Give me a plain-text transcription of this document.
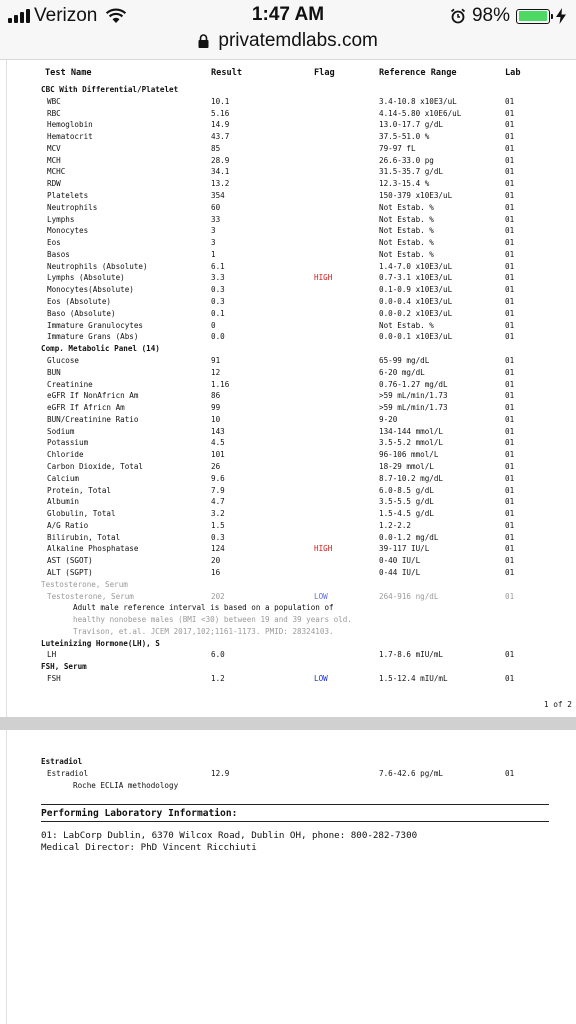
Verizon	1:47 AM	98%
privatemdlabs.com
Test Name	Result	Flag	Reference Range	Lab
CBC With Differential/Platelet
WBC	10.1	3.4-10.8 x10E3/uL	01
RBC	5.16	4.14-5.80 x10E6/uL	01
Hemoglobin	14.9	13.0-17.7 g/dL	01
Hematocrit	43.7	37.5-51.0 %	01
MCV	85	79-97 fL	01
MCH	28.9	26.6-33.0 pg	01
MCHC	34.1	31.5-35.7 g/dL	01
RDW	13.2	12.3-15.4 %	01
Platelets	354	150-379 x10E3/uL	01
Neutrophils	60	Not Estab. %	01
Lymphs	33	Not Estab. %	01
Monocytes	3	Not Estab. %	01
Eos	3	Not Estab. %	01
Basos	1	Not Estab. %	01
Neutrophils (Absolute)	6.1	1.4-7.0 x10E3/uL	01
Lymphs (Absolute)	3.3	HIGH	0.7-3.1 x10E3/uL	01
Monocytes(Absolute)	0.3	0.1-0.9 x10E3/uL	01
Eos (Absolute)	0.3	0.0-0.4 x10E3/uL	01
Baso (Absolute)	0.1	0.0-0.2 x10E3/uL	01
Immature Granulocytes	0	Not Estab. %	01
Immature Grans (Abs)	0.0	0.0-0.1 x10E3/uL	01
Comp. Metabolic Panel (14)
Glucose	91	65-99 mg/dL	01
BUN	12	6-20 mg/dL	01
Creatinine	1.16	0.76-1.27 mg/dL	01
eGFR If NonAfricn Am	86	>59 mL/min/1.73	01
eGFR If Africn Am	99	>59 mL/min/1.73	01
BUN/Creatinine Ratio	10	9-20	01
Sodium	143	134-144 mmol/L	01
Potassium	4.5	3.5-5.2 mmol/L	01
Chloride	101	96-106 mmol/L	01
Carbon Dioxide, Total	26	18-29 mmol/L	01
Calcium	9.6	8.7-10.2 mg/dL	01
Protein, Total	7.9	6.0-8.5 g/dL	01
Albumin	4.7	3.5-5.5 g/dL	01
Globulin, Total	3.2	1.5-4.5 g/dL	01
A/G Ratio	1.5	1.2-2.2	01
Bilirubin, Total	0.3	0.0-1.2 mg/dL	01
Alkaline Phosphatase	124	HIGH	39-117 IU/L	01
AST (SGOT)	20	0-40 IU/L	01
ALT (SGPT)	16	0-44 IU/L	01
Testosterone, Serum
Testosterone, Serum	202	LOW	264-916 ng/dL	01
Adult male reference interval is based on a population of
healthy nonobese males (BMI <30) between 19 and 39 years old.
Travison, et.al. JCEM 2017,102;1161-1173. PMID: 28324103.
Luteinizing Hormone(LH), S
LH	6.0	1.7-8.6 mIU/mL	01
FSH, Serum
FSH	1.2	LOW	1.5-12.4 mIU/mL	01
1 of 2
Estradiol
Estradiol	12.9	7.6-42.6 pg/mL	01
Roche ECLIA methodology
Performing Laboratory Information:
01: LabCorp Dublin, 6370 Wilcox Road, Dublin OH, phone: 800-282-7300
Medical Director: PhD Vincent Ricchiuti
